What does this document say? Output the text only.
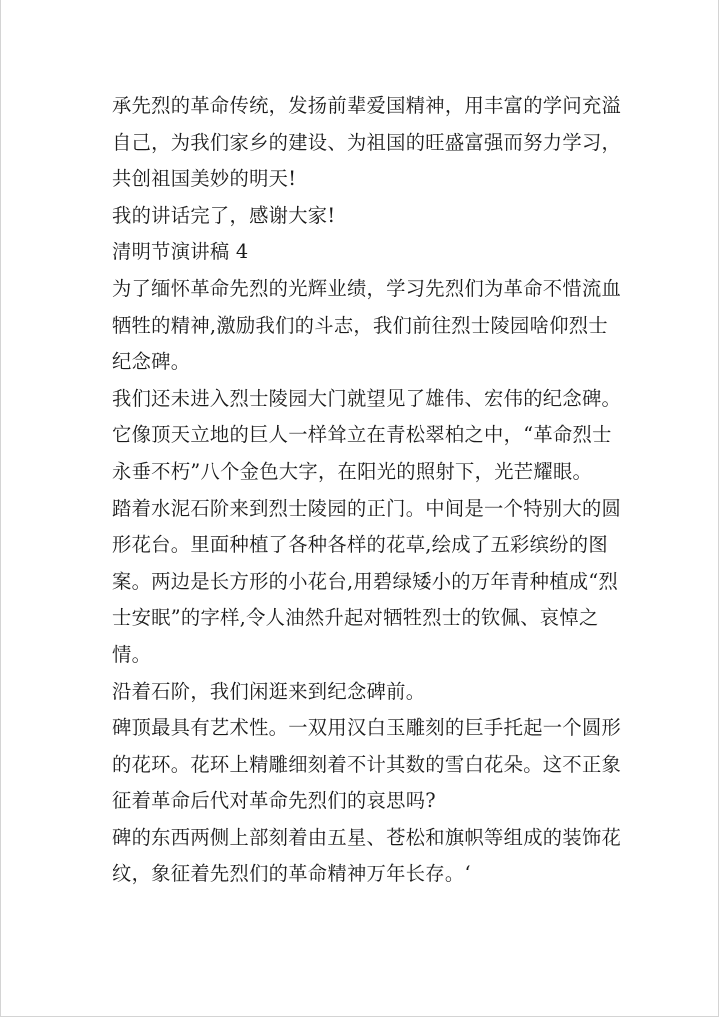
承先烈的革命传统，发扬前辈爱国精神，用丰富的学问充溢
自己，为我们家乡的建设、为祖国的旺盛富强而努力学习，
共创祖国美妙的明天!
我的讲话完了，感谢大家!
清明节演讲稿 4
为了缅怀革命先烈的光辉业绩，学习先烈们为革命不惜流血
牺牲的精神,激励我们的斗志，我们前往烈士陵园啥仰烈士
纪念碑。
我们还未进入烈士陵园大门就望见了雄伟、宏伟的纪念碑。
它像顶天立地的巨人一样耸立在青松翠柏之中，“革命烈士
永垂不朽”八个金色大字，在阳光的照射下，光芒耀眼。
踏着水泥石阶来到烈士陵园的正门。中间是一个特别大的圆
形花台。里面种植了各种各样的花草,绘成了五彩缤纷的图
案。两边是长方形的小花台,用碧绿矮小的万年青种植成“烈
士安眠”的字样,令人油然升起对牺牲烈士的钦佩、哀悼之
情。
沿着石阶，我们闲逛来到纪念碑前。
碑顶最具有艺术性。一双用汉白玉雕刻的巨手托起一个圆形
的花环。花环上精雕细刻着不计其数的雪白花朵。这不正象
征着革命后代对革命先烈们的哀思吗?
碑的东西两侧上部刻着由五星、苍松和旗帜等组成的装饰花
纹，象征着先烈们的革命精神万年长存。‘
